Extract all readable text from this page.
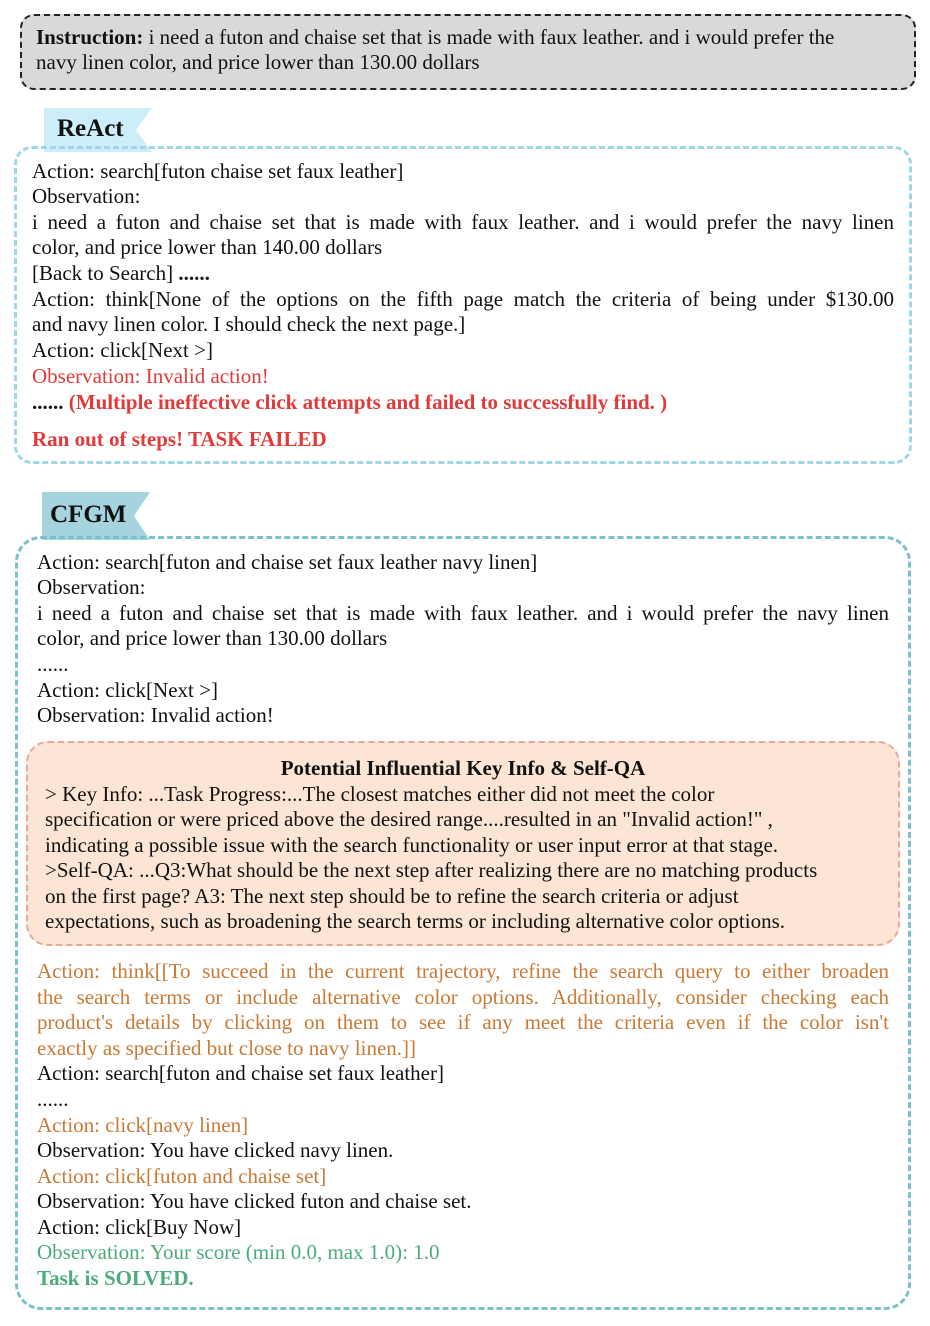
Instruction: i need a futon and chaise set that is made with faux leather. and i would prefer the

navy linen color, and price lower than 130.00 dollars

ReAct

Action: search[futon chaise set faux leather]

Observation:

i need a futon and chaise set that is made with faux leather. and i would prefer the navy linen

color, and price lower than 140.00 dollars

[Back to Search] ......

Action: think[None of the options on the fifth page match the criteria of being under $130.00

and navy linen color. I should check the next page.]

Action: click[Next >]

Observation: Invalid action!

...... (Multiple ineffective click attempts and failed to successfully find. )

Ran out of steps! TASK FAILED

CFGM

Action: search[futon and chaise set faux leather navy linen]

Observation:

i need a futon and chaise set that is made with faux leather. and i would prefer the navy linen

color, and price lower than 130.00 dollars

......

Action: click[Next >]

Observation: Invalid action!

Potential Influential Key Info & Self-QA

> Key Info: ...Task Progress:...The closest matches either did not meet the color

specification or were priced above the desired range....resulted in an "Invalid action!" ,

indicating a possible issue with the search functionality or user input error at that stage.

>Self-QA: ...Q3:What should be the next step after realizing there are no matching products

on the first page? A3: The next step should be to refine the search criteria or adjust

expectations, such as broadening the search terms or including alternative color options.

Action: think[[To succeed in the current trajectory, refine the search query to either broaden

the search terms or include alternative color options. Additionally, consider checking each

product's details by clicking on them to see if any meet the criteria even if the color isn't

exactly as specified but close to navy linen.]]

Action: search[futon and chaise set faux leather]

......

Action: click[navy linen]

Observation: You have clicked navy linen.

Action: click[futon and chaise set]

Observation: You have clicked futon and chaise set.

Action: click[Buy Now]

Observation: Your score (min 0.0, max 1.0): 1.0

Task is SOLVED.
